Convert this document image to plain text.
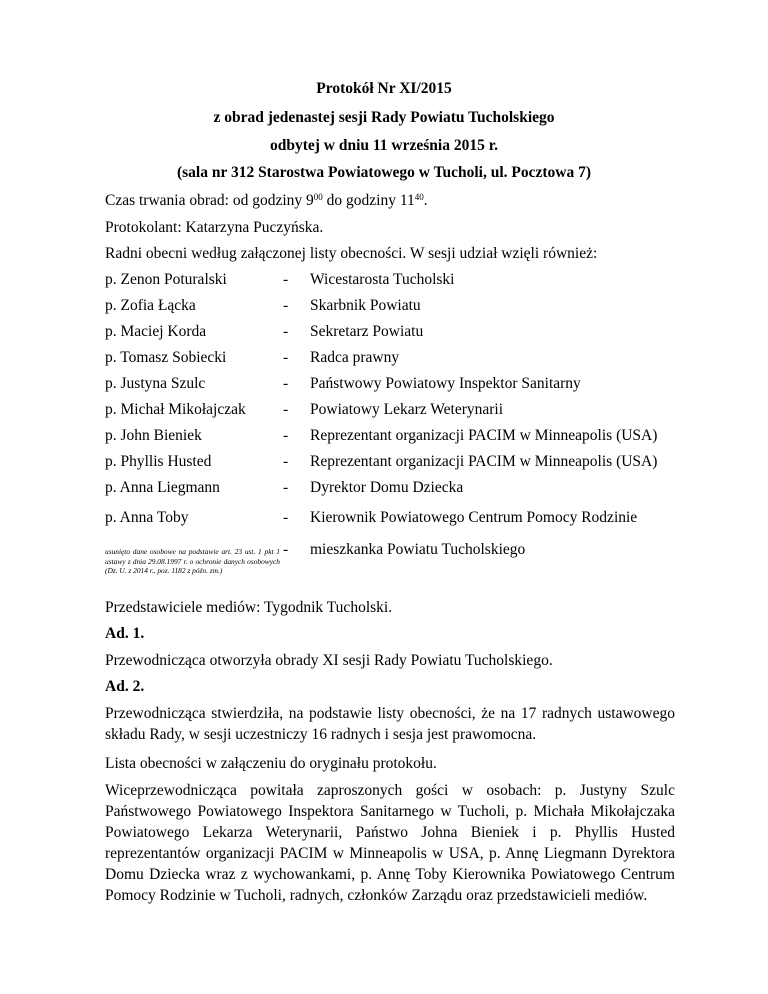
Protokół Nr XI/2015
z obrad jedenastej sesji Rady Powiatu Tucholskiego
odbytej w dniu 11 września 2015 r.
(sala nr 312 Starostwa Powiatowego w Tucholi, ul. Pocztowa 7)

Czas trwania obrad: od godziny $9^{00}$ do godziny $11^{40}$.

Protokolant: Katarzyna Puczyńska.

Radni obecni według załączonej listy obecności. W sesji udział wzięli również:

p. Zenon Poturalski	- Wicestarosta Tucholski
p. Zofia Łącka	- Skarbnik Powiatu
p. Maciej Korda	- Sekretarz Powiatu
p. Tomasz Sobiecki	- Radca prawny
p. Justyna Szulc	- Państwowy Powiatowy Inspektor Sanitarny
p. Michał Mikołajczak - Powiatowy Lekarz Weterynarii
p. John Bieniek	- Reprezentant organizacji PACIM w Minneapolis (USA)
p. Phyllis Husted	- Reprezentant organizacji PACIM w Minneapolis (USA)
p. Anna Liegmann	- Dyrektor Domu Dziecka
p. Anna Toby	- Kierownik Powiatowego Centrum Pomocy Rodzinie
usunięto dane osobowe na podstawie art. 23 ust. 1 pkt 1 ustawy z dnia 29.08.1997 r. o ochronie danych osobowych (Dz. U. z 2014 r., poz. 1182 z późn. zm.)
- mieszkanka Powiatu Tucholskiego

Przedstawiciele mediów: Tygodnik Tucholski.

Ad. 1.

Przewodnicząca otworzyła obrady XI sesji Rady Powiatu Tucholskiego.

Ad. 2.

Przewodnicząca stwierdziła, na podstawie listy obecności, że na 17 radnych ustawowego składu Rady, w sesji uczestniczy 16 radnych i sesja jest prawomocna.

Lista obecności w załączeniu do oryginału protokołu.

Wiceprzewodnicząca powitała zaproszonych gości w osobach: p. Justyny Szulc Państwowego Powiatowego Inspektora Sanitarnego w Tucholi, p. Michała Mikołajczaka Powiatowego Lekarza Weterynarii, Państwo Johna Bieniek i p. Phyllis Husted reprezentantów organizacji PACIM w Minneapolis w USA, p. Annę Liegmann Dyrektora Domu Dziecka wraz z wychowankami, p. Annę Toby Kierownika Powiatowego Centrum Pomocy Rodzinie w Tucholi, radnych, członków Zarządu oraz przedstawicieli mediów.
